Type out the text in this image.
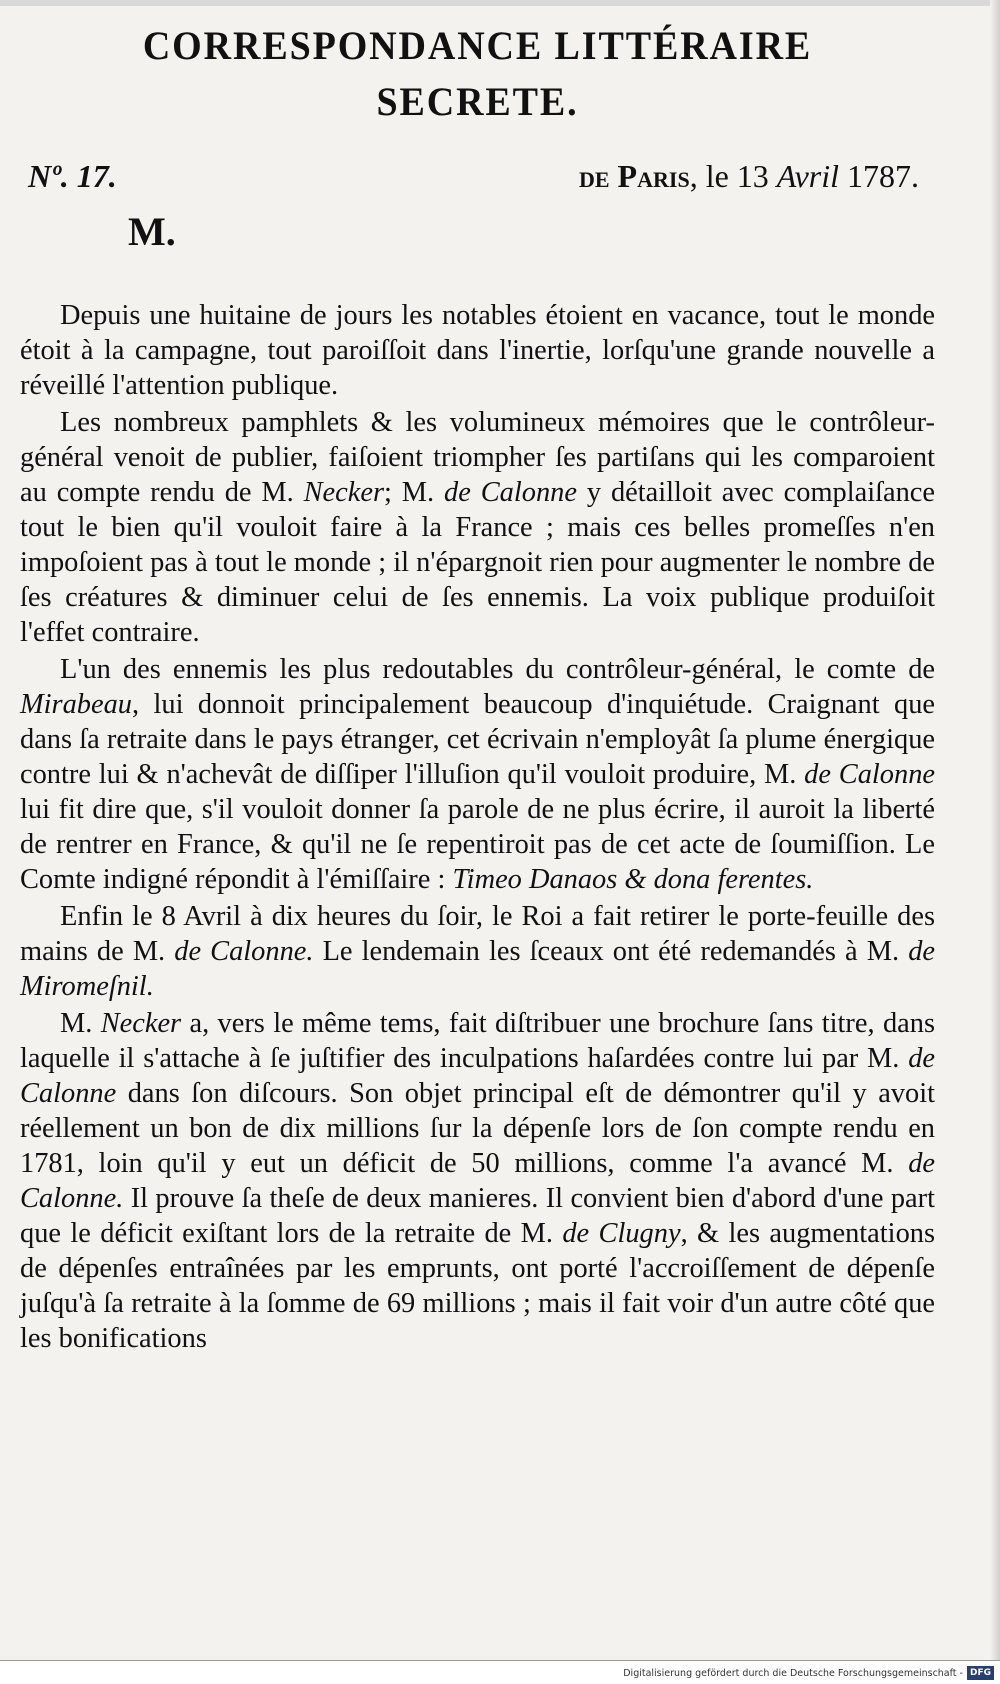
CORRESPONDANCE LITTÉRAIRE SECRETE.
Nº. 17.	de Paris, le 13 Avril 1787.
M.

Depuis une huitaine de jours les notables étoient en vacance, tout le monde étoit à la campagne, tout paroiſſoit dans l'inertie, lorſqu'une grande nouvelle a réveillé l'attention publique.

Les nombreux pamphlets & les volumineux mémoires que le contrôleur-général venoit de publier, faiſoient triompher ſes partiſans qui les comparoient au compte rendu de M. Necker; M. de Calonne y détailloit avec complaiſance tout le bien qu'il vouloit faire à la France ; mais ces belles promeſſes n'en impoſoient pas à tout le monde ; il n'épargnoit rien pour augmenter le nombre de ſes créatures & diminuer celui de ſes ennemis. La voix publique produiſoit l'effet contraire.

L'un des ennemis les plus redoutables du contrôleur-général, le comte de Mirabeau, lui donnoit principalement beaucoup d'inquiétude. Craignant que dans ſa retraite dans le pays étranger, cet écrivain n'employât ſa plume énergique contre lui & n'achevât de diſſiper l'illuſion qu'il vouloit produire, M. de Calonne lui fit dire que, s'il vouloit donner ſa parole de ne plus écrire, il auroit la liberté de rentrer en France, & qu'il ne ſe repentiroit pas de cet acte de ſoumiſſion. Le Comte indigné répondit à l'émiſſaire : Timeo Danaos & dona ferentes.

Enfin le 8 Avril à dix heures du ſoir, le Roi a fait retirer le porte-feuille des mains de M. de Calonne. Le lendemain les ſceaux ont été redemandés à M. de Miromeſnil.

M. Necker a, vers le même tems, fait diſtribuer une brochure ſans titre, dans laquelle il s'attache à ſe juſtifier des inculpations haſardées contre lui par M. de Calonne dans ſon diſcours. Son objet principal eſt de démontrer qu'il y avoit réellement un bon de dix millions ſur la dépenſe lors de ſon compte rendu en 1781, loin qu'il y eut un déficit de 50 millions, comme l'a avancé M. de Calonne. Il prouve ſa theſe de deux manieres. Il convient bien d'abord d'une part que le déficit exiſtant lors de la retraite de M. de Clugny, & les augmentations de dépenſes entraînées par les emprunts, ont porté l'accroiſſement de dépenſe juſqu'à ſa retraite à la ſomme de 69 millions ; mais il fait voir d'un autre côté que les bonifications

Digitalisierung gefördert durch die Deutsche Forschungsgemeinschaft - DFG
